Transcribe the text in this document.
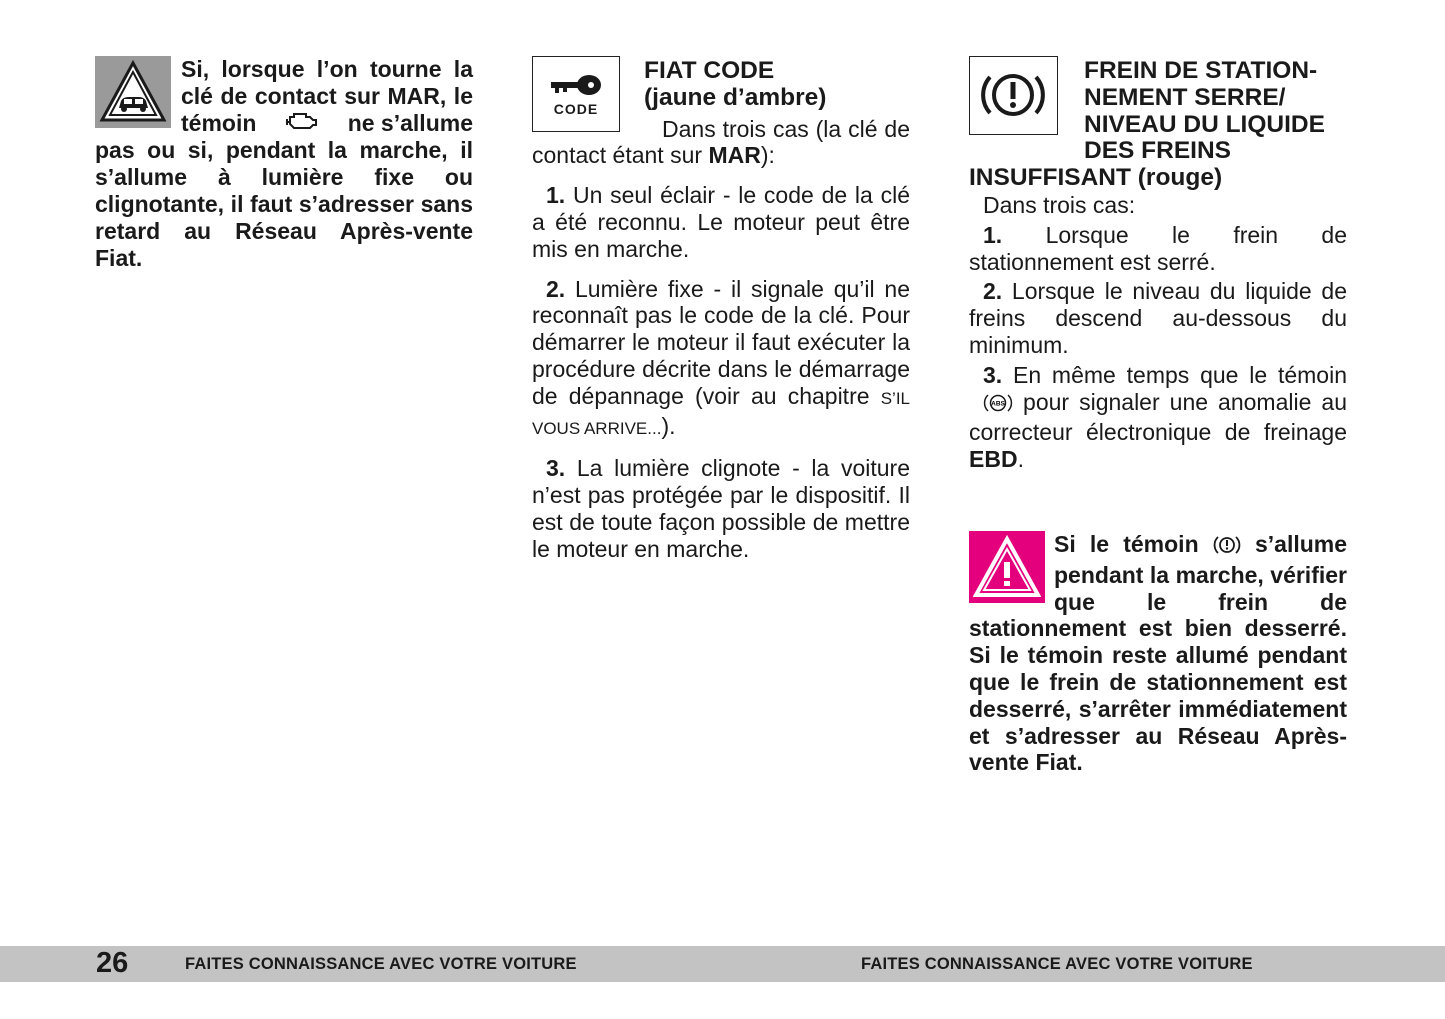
Si, lorsque l’on tourne la

clé de contact sur MAR, le

témoin	ne s’allume

pas ou si, pendant la marche, il s’allume à lumière fixe ou clignotante, il faut s’adresser sans retard au Réseau Après-vente Fiat.

CODE

FIAT CODE

(jaune d’ambre)

Dans trois cas (la clé de contact étant sur MAR):

1. Un seul éclair - le code de la clé a été reconnu. Le moteur peut être mis en marche.

2. Lumière fixe - il signale qu’il ne reconnaît pas le code de la clé. Pour démarrer le moteur il faut exécuter la procédure décrite dans le démarrage de dépannage (voir au chapitre S’IL VOUS ARRIVE...).

3. La lumière clignote - la voiture n’est pas protégée par le dispositif. Il est de toute façon possible de mettre le moteur en marche.

FREIN DE STATION-

NEMENT SERRE/

NIVEAU DU LIQUIDE

DES FREINS

INSUFFISANT (rouge)

Dans trois cas:

1. Lorsque le frein de stationnement est serré.

2. Lorsque le niveau du liquide de freins descend au-dessous du minimum.

3. En même temps que le témoin
ABS pour signaler une anomalie au correcteur électronique de freinage EBD.

Si le témoin s’allume pendant la marche, vérifier que le frein de stationnement est bien desserré. Si le témoin reste allumé pendant que le frein de stationnement est desserré, s’arrêter immédiatement et s’adresser au Réseau Après-vente Fiat.

26	FAITES CONNAISSANCE AVEC VOTRE VOITURE	FAITES CONNAISSANCE AVEC VOTRE VOITURE
